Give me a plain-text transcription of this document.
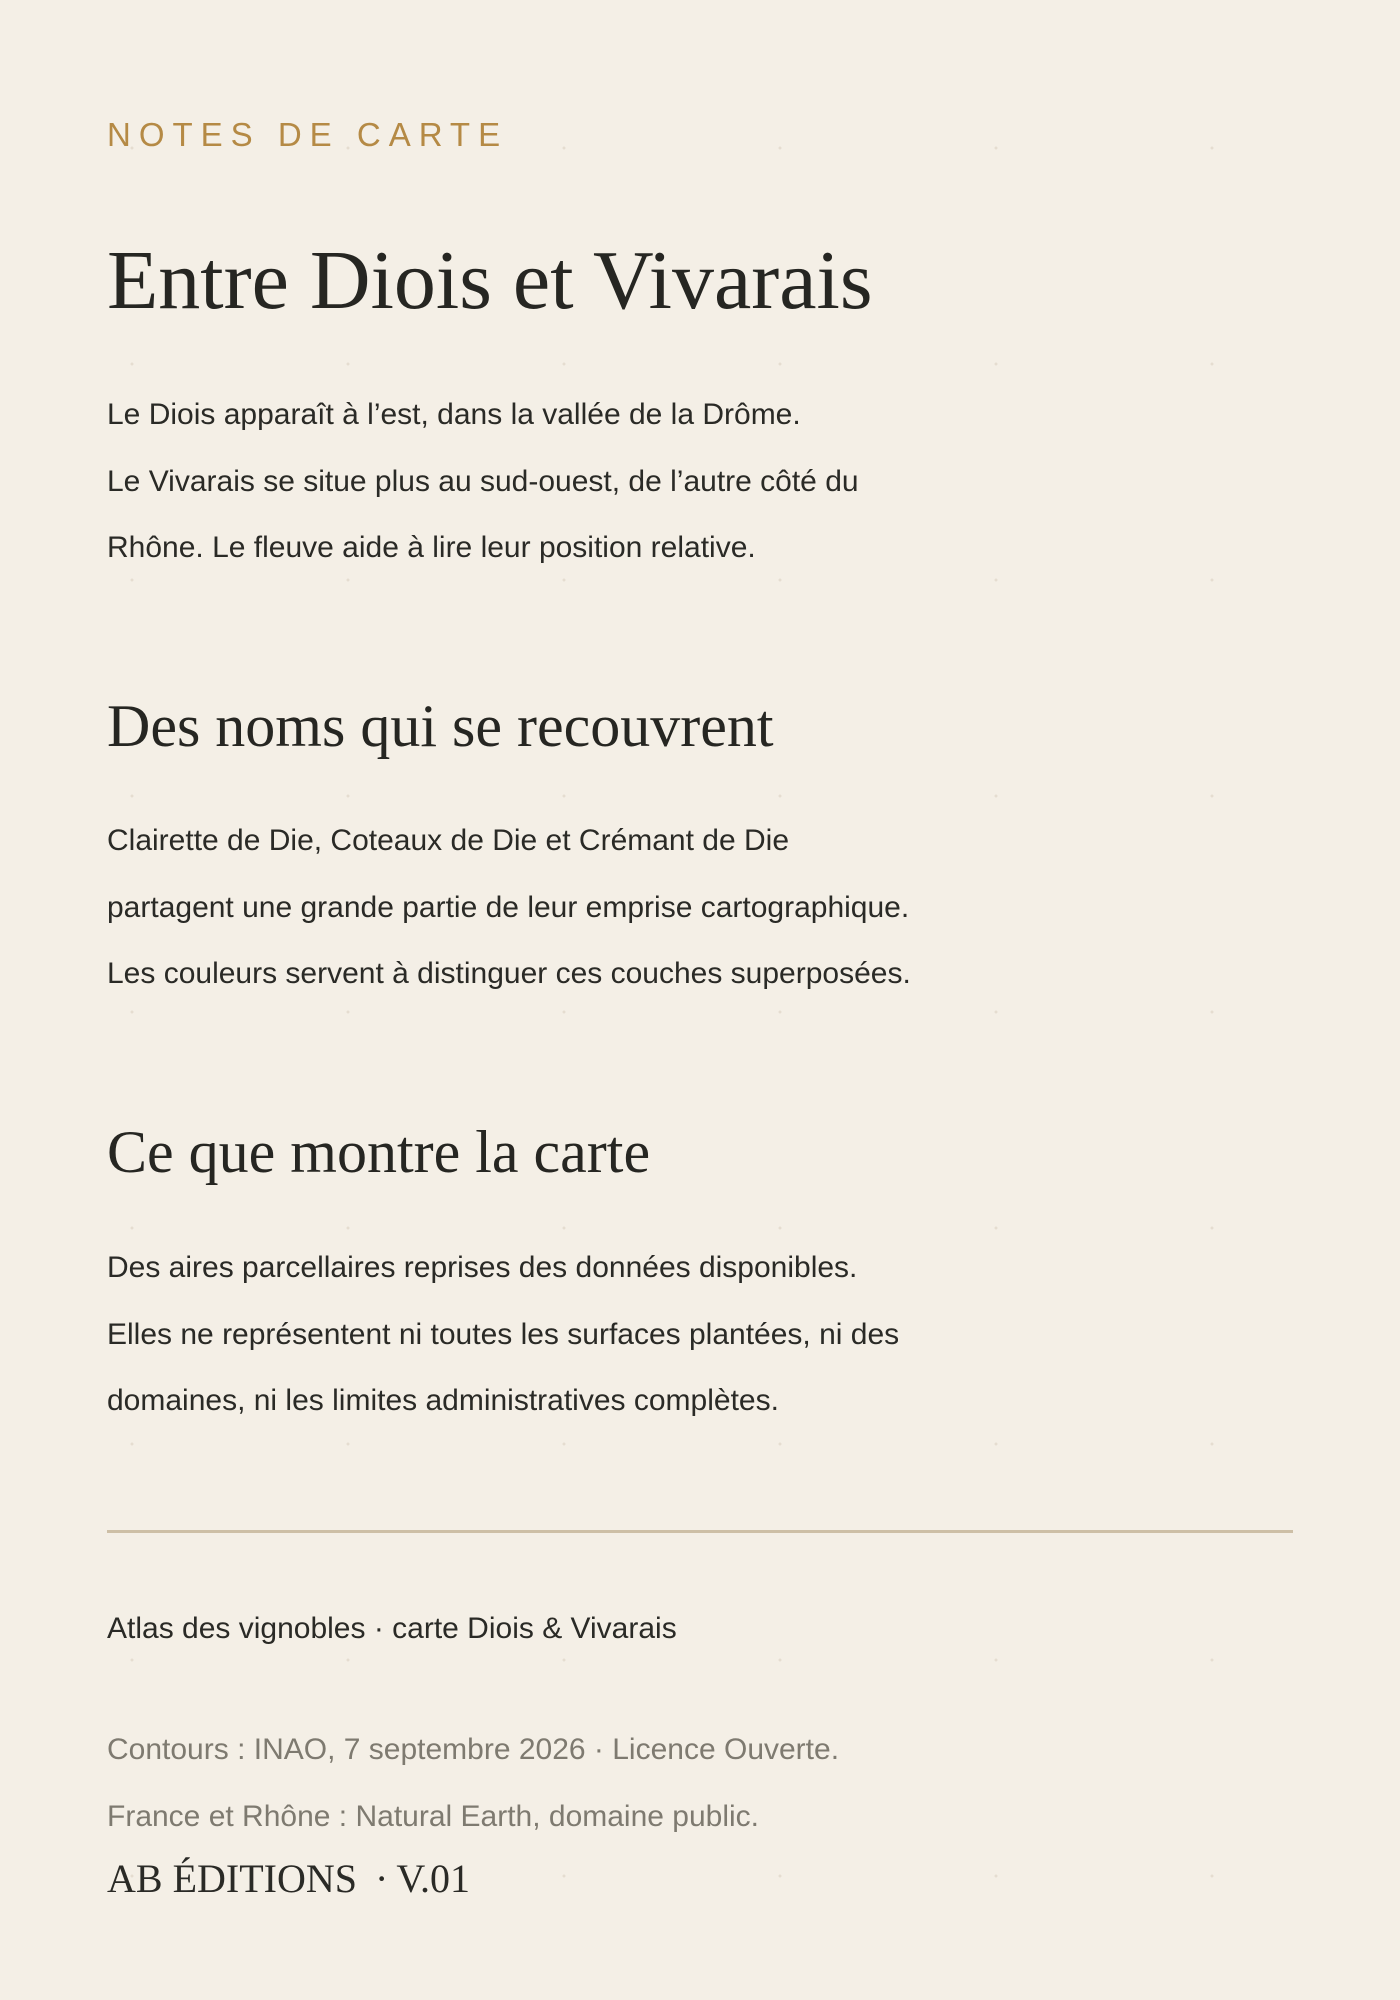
NOTES DE CARTE
Entre Diois et Vivarais

Le Diois apparaît à l’est, dans la vallée de la Drôme.
Le Vivarais se situe plus au sud-ouest, de l’autre côté du
Rhône. Le fleuve aide à lire leur position relative.

Des noms qui se recouvrent

Clairette de Die, Coteaux de Die et Crémant de Die
partagent une grande partie de leur emprise cartographique.
Les couleurs servent à distinguer ces couches superposées.

Ce que montre la carte

Des aires parcellaires reprises des données disponibles.
Elles ne représentent ni toutes les surfaces plantées, ni des
domaines, ni les limites administratives complètes.

Atlas des vignobles · carte Diois & Vivarais
Contours : INAO, 7 septembre 2026 · Licence Ouverte.
France et Rhône : Natural Earth, domaine public.
AB ÉDITIONS · V.01
